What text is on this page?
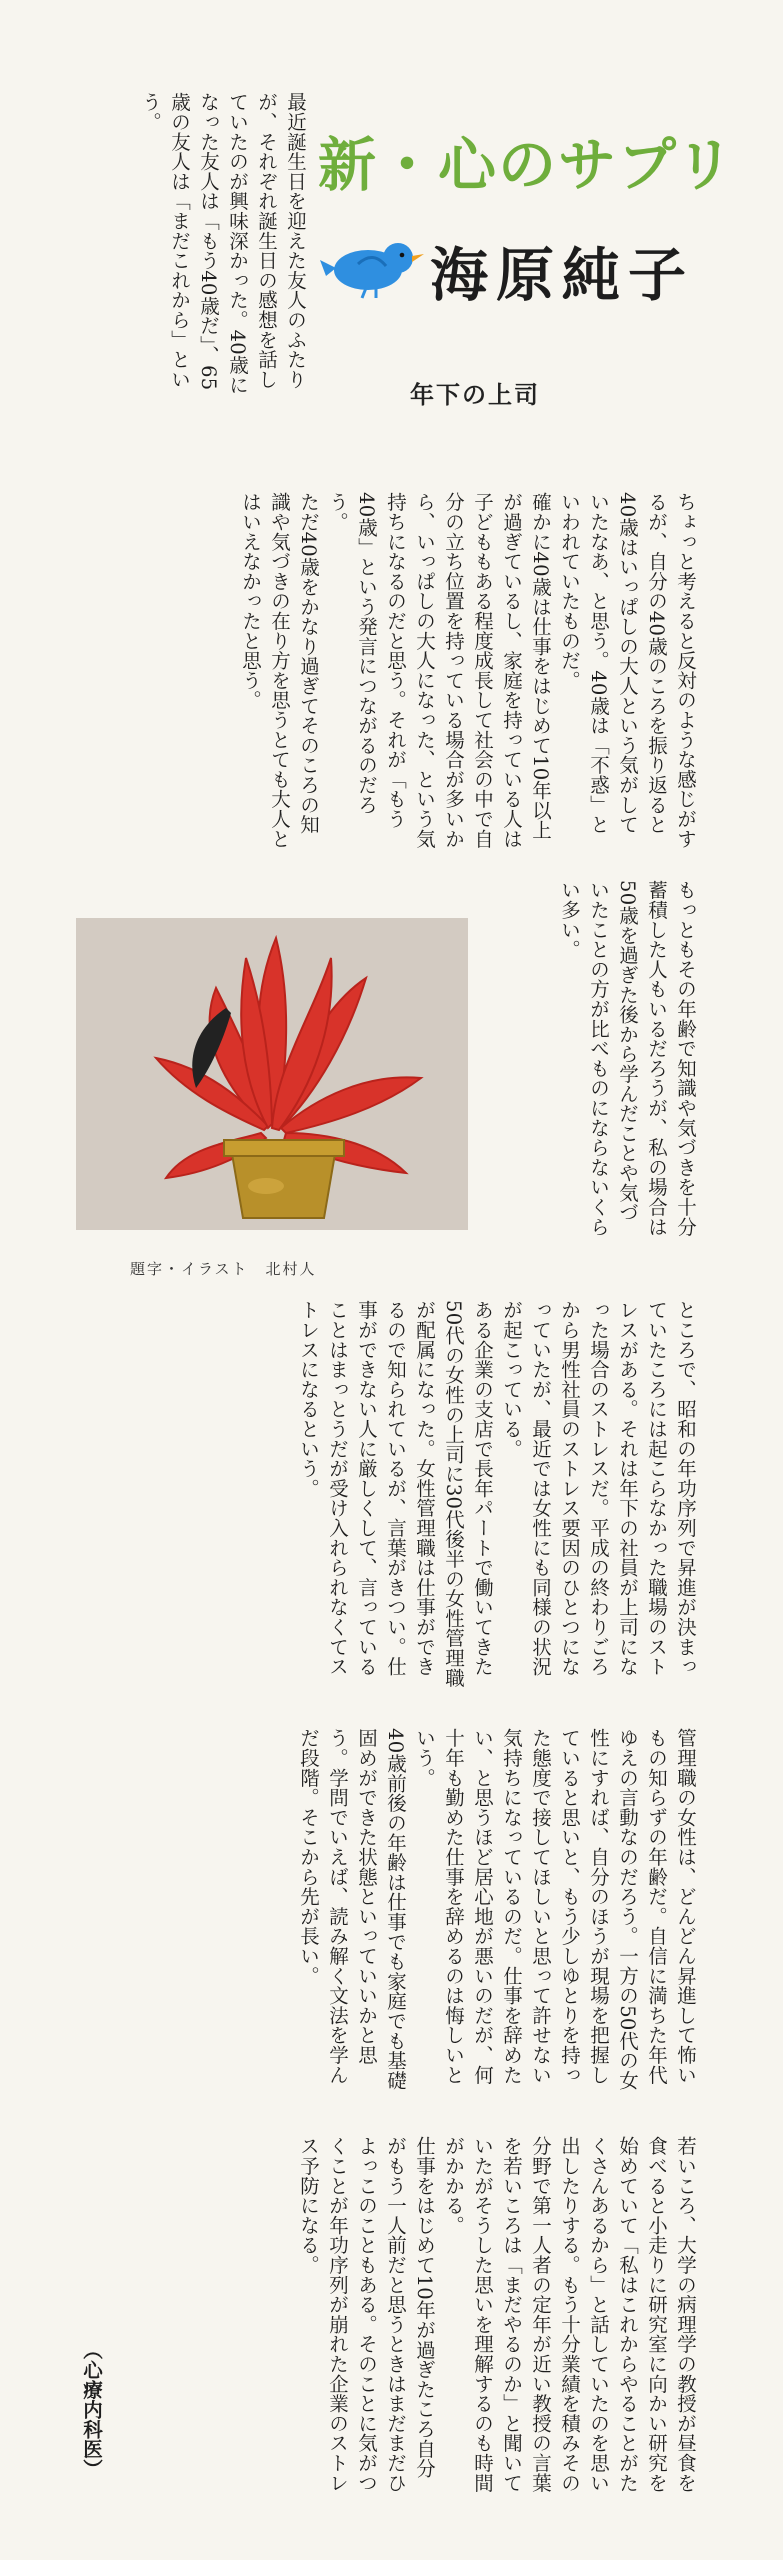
新・心のサプリ
海原純子
年下の上司
最近誕生日を迎えた友人のふたりが、それぞれ誕生日の感想を話していたのが興味深かった。40歳になった友人は「もう40歳だ」、65歳の友人は「まだこれから」という。
ちょっと考えると反対のような感じがするが、自分の40歳のころを振り返ると40歳はいっぱしの大人という気がしていたなあ、と思う。40歳は「不惑」といわれていたものだ。
確かに40歳は仕事をはじめて10年以上が過ぎているし、家庭を持っている人は子どももある程度成長して社会の中で自分の立ち位置を持っている場合が多いから、いっぱしの大人になった、という気持ちになるのだと思う。それが「もう40歳」という発言につながるのだろう。
ただ40歳をかなり過ぎてそのころの知識や気づきの在り方を思うとても大人とはいえなかったと思う。
もっともその年齢で知識や気づきを十分蓄積した人もいるだろうが、私の場合は50歳を過ぎた後から学んだことや気づいたことの方が比べものにならないくらい多い。
ところで、昭和の年功序列で昇進が決まっていたころには起こらなかった職場のストレスがある。それは年下の社員が上司になった場合のストレスだ。平成の終わりごろから男性社員のストレス要因のひとつになっていたが、最近では女性にも同様の状況が起こっている。
ある企業の支店で長年パートで働いてきた50代の女性の上司に30代後半の女性管理職が配属になった。女性管理職は仕事ができるので知られているが、言葉がきつい。仕事ができない人に厳しくして、言っていることはまっとうだが受け入れられなくてストレスになるという。
管理職の女性は、どんどん昇進して怖いもの知らずの年齢だ。自信に満ちた年代ゆえの言動なのだろう。一方の50代の女性にすれば、自分のほうが現場を把握していると思いと、もう少しゆとりを持った態度で接してほしいと思って許せない気持ちになっているのだ。仕事を辞めたい、と思うほど居心地が悪いのだが、何十年も勤めた仕事を辞めるのは悔しいという。
40歳前後の年齢は仕事でも家庭でも基礎固めができた状態といっていいかと思う。学問でいえば、読み解く文法を学んだ段階。そこから先が長い。
若いころ、大学の病理学の教授が昼食を食べると小走りに研究室に向かい研究を始めていて「私はこれからやることがたくさんあるから」と話していたのを思い出したりする。もう十分業績を積みその分野で第一人者の定年が近い教授の言葉を若いころは「まだやるのか」と聞いていたがそうした思いを理解するのも時間がかかる。
仕事をはじめて10年が過ぎたころ自分がもう一人前だと思うときはまだまだひよっこのこともある。そのことに気がつくことが年功序列が崩れた企業のストレス予防になる。
（心療内科医）
題字・イラスト　北村人
